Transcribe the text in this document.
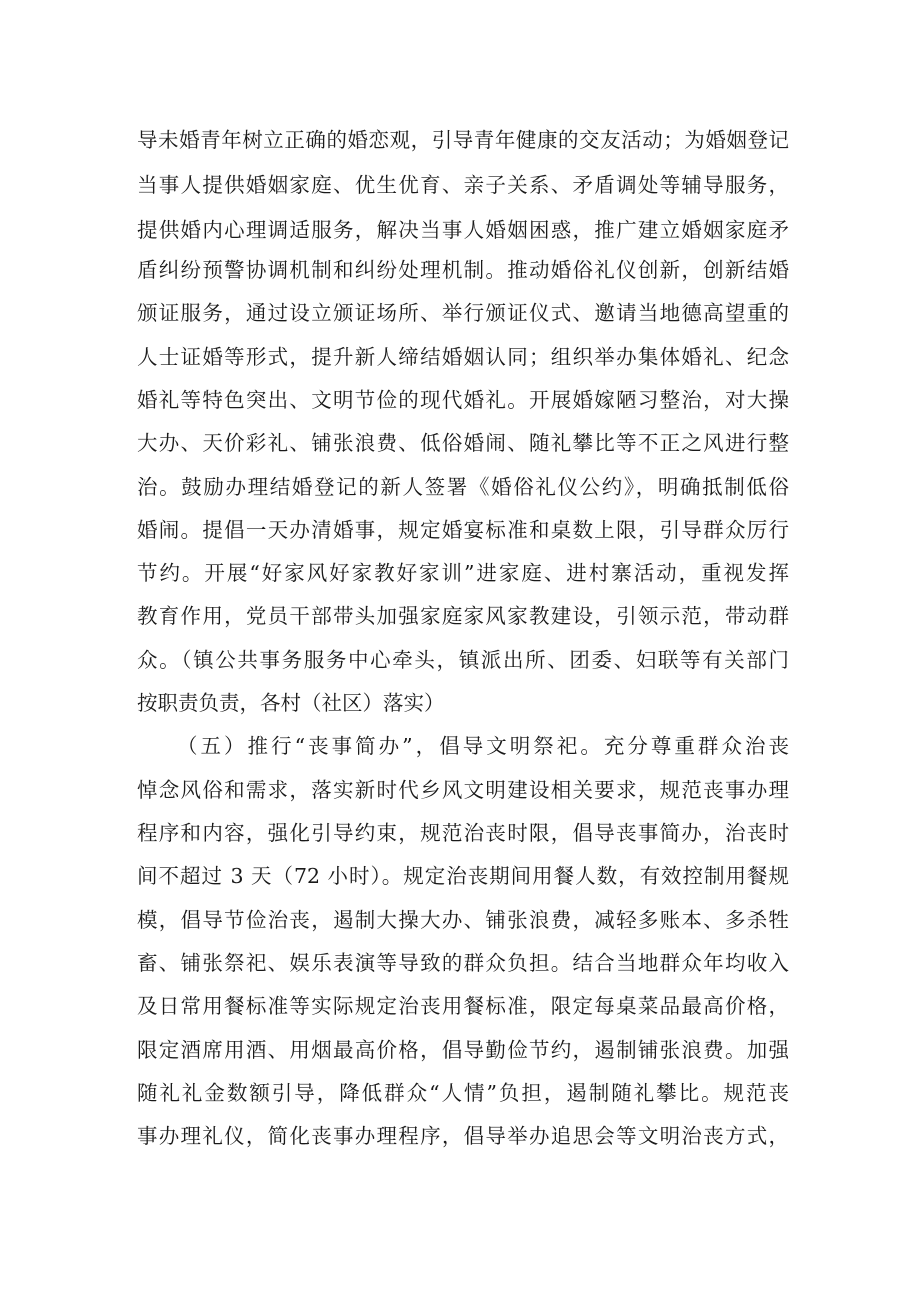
导未婚青年树立正确的婚恋观，引导青年健康的交友活动；为婚姻登记
当事人提供婚姻家庭、优生优育、亲子关系、矛盾调处等辅导服务，
提供婚内心理调适服务，解决当事人婚姻困惑，推广建立婚姻家庭矛
盾纠纷预警协调机制和纠纷处理机制。推动婚俗礼仪创新，创新结婚
颁证服务，通过设立颁证场所、举行颁证仪式、邀请当地德高望重的
人士证婚等形式，提升新人缔结婚姻认同；组织举办集体婚礼、纪念
婚礼等特色突出、文明节俭的现代婚礼。开展婚嫁陋习整治，对大操
大办、天价彩礼、铺张浪费、低俗婚闹、随礼攀比等不正之风进行整
治。鼓励办理结婚登记的新人签署《婚俗礼仪公约》，明确抵制低俗
婚闹。提倡一天办清婚事，规定婚宴标准和桌数上限，引导群众厉行
节约。开展“好家风好家教好家训”进家庭、进村寨活动，重视发挥
教育作用，党员干部带头加强家庭家风家教建设，引领示范，带动群
众。（镇公共事务服务中心牵头，镇派出所、团委、妇联等有关部门
按职责负责，各村（社区）落实）
（五）推行“丧事简办”，倡导文明祭祀。充分尊重群众治丧
悼念风俗和需求，落实新时代乡风文明建设相关要求，规范丧事办理
程序和内容，强化引导约束，规范治丧时限，倡导丧事简办，治丧时
间不超过 3 天（72 小时）。规定治丧期间用餐人数，有效控制用餐规
模，倡导节俭治丧，遏制大操大办、铺张浪费，减轻多账本、多杀牲
畜、铺张祭祀、娱乐表演等导致的群众负担。结合当地群众年均收入
及日常用餐标准等实际规定治丧用餐标准，限定每桌菜品最高价格，
限定酒席用酒、用烟最高价格，倡导勤俭节约，遏制铺张浪费。加强
随礼礼金数额引导，降低群众“人情”负担，遏制随礼攀比。规范丧
事办理礼仪，简化丧事办理程序，倡导举办追思会等文明治丧方式，
